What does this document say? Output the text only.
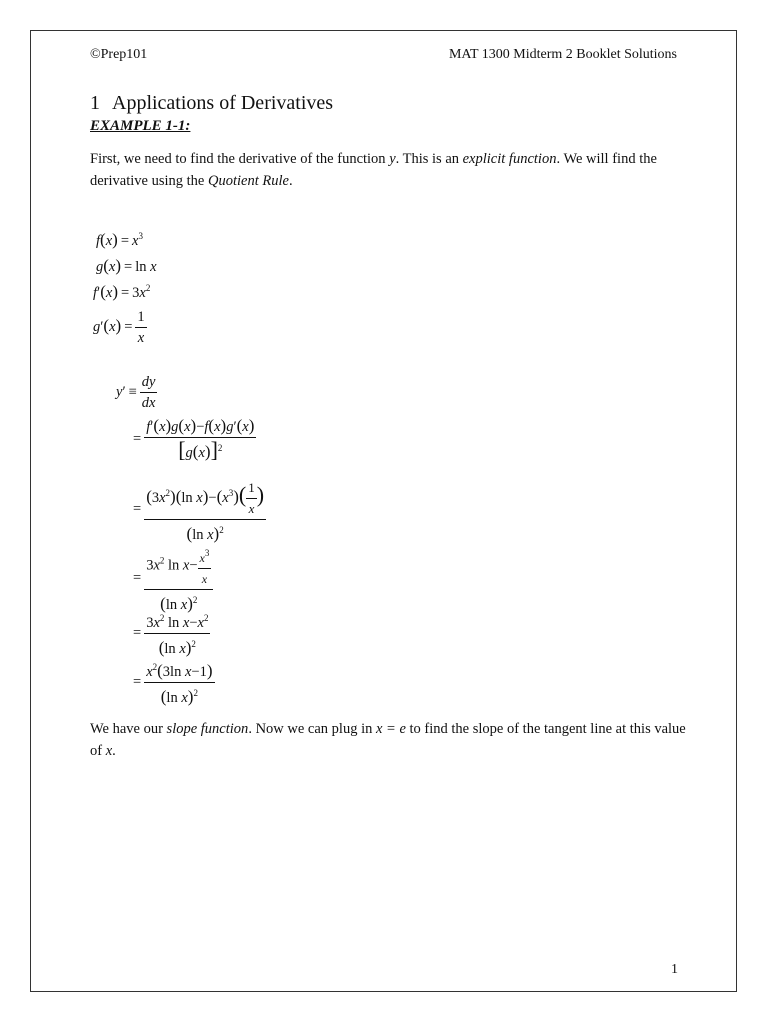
©Prep101	MAT 1300 Midterm 2 Booklet Solutions
1 Applications of Derivatives
EXAMPLE 1-1:
First, we need to find the derivative of the function y. This is an explicit function. We will find the derivative using the Quotient Rule.
$f(x) = x^3$
g(x) = ln x
$f'(x) = 3x^2$
$g'(x) = \frac{1}{x}$
$y' \equiv \frac{dy}{dx}$
= $\frac{f'(x)g(x)-f(x)g'(x)}{[g(x)]^2}$
= $\frac{(3x^2)(\ln x)-(x^3)( \frac{1}{x} )}{(\ln x)^2}$
= $\frac{3x^2 \ln x- \frac{x^3}{x}}{(\ln x)^2}$
= $\frac{3x^2 \ln x-x^2}{(\ln x)^2}$
= $\frac{x^2(3\ln x-1)}{(\ln x)^2}$
We have our slope function. Now we can plug in x = e to find the slope of the tangent line at this value of x.
1
